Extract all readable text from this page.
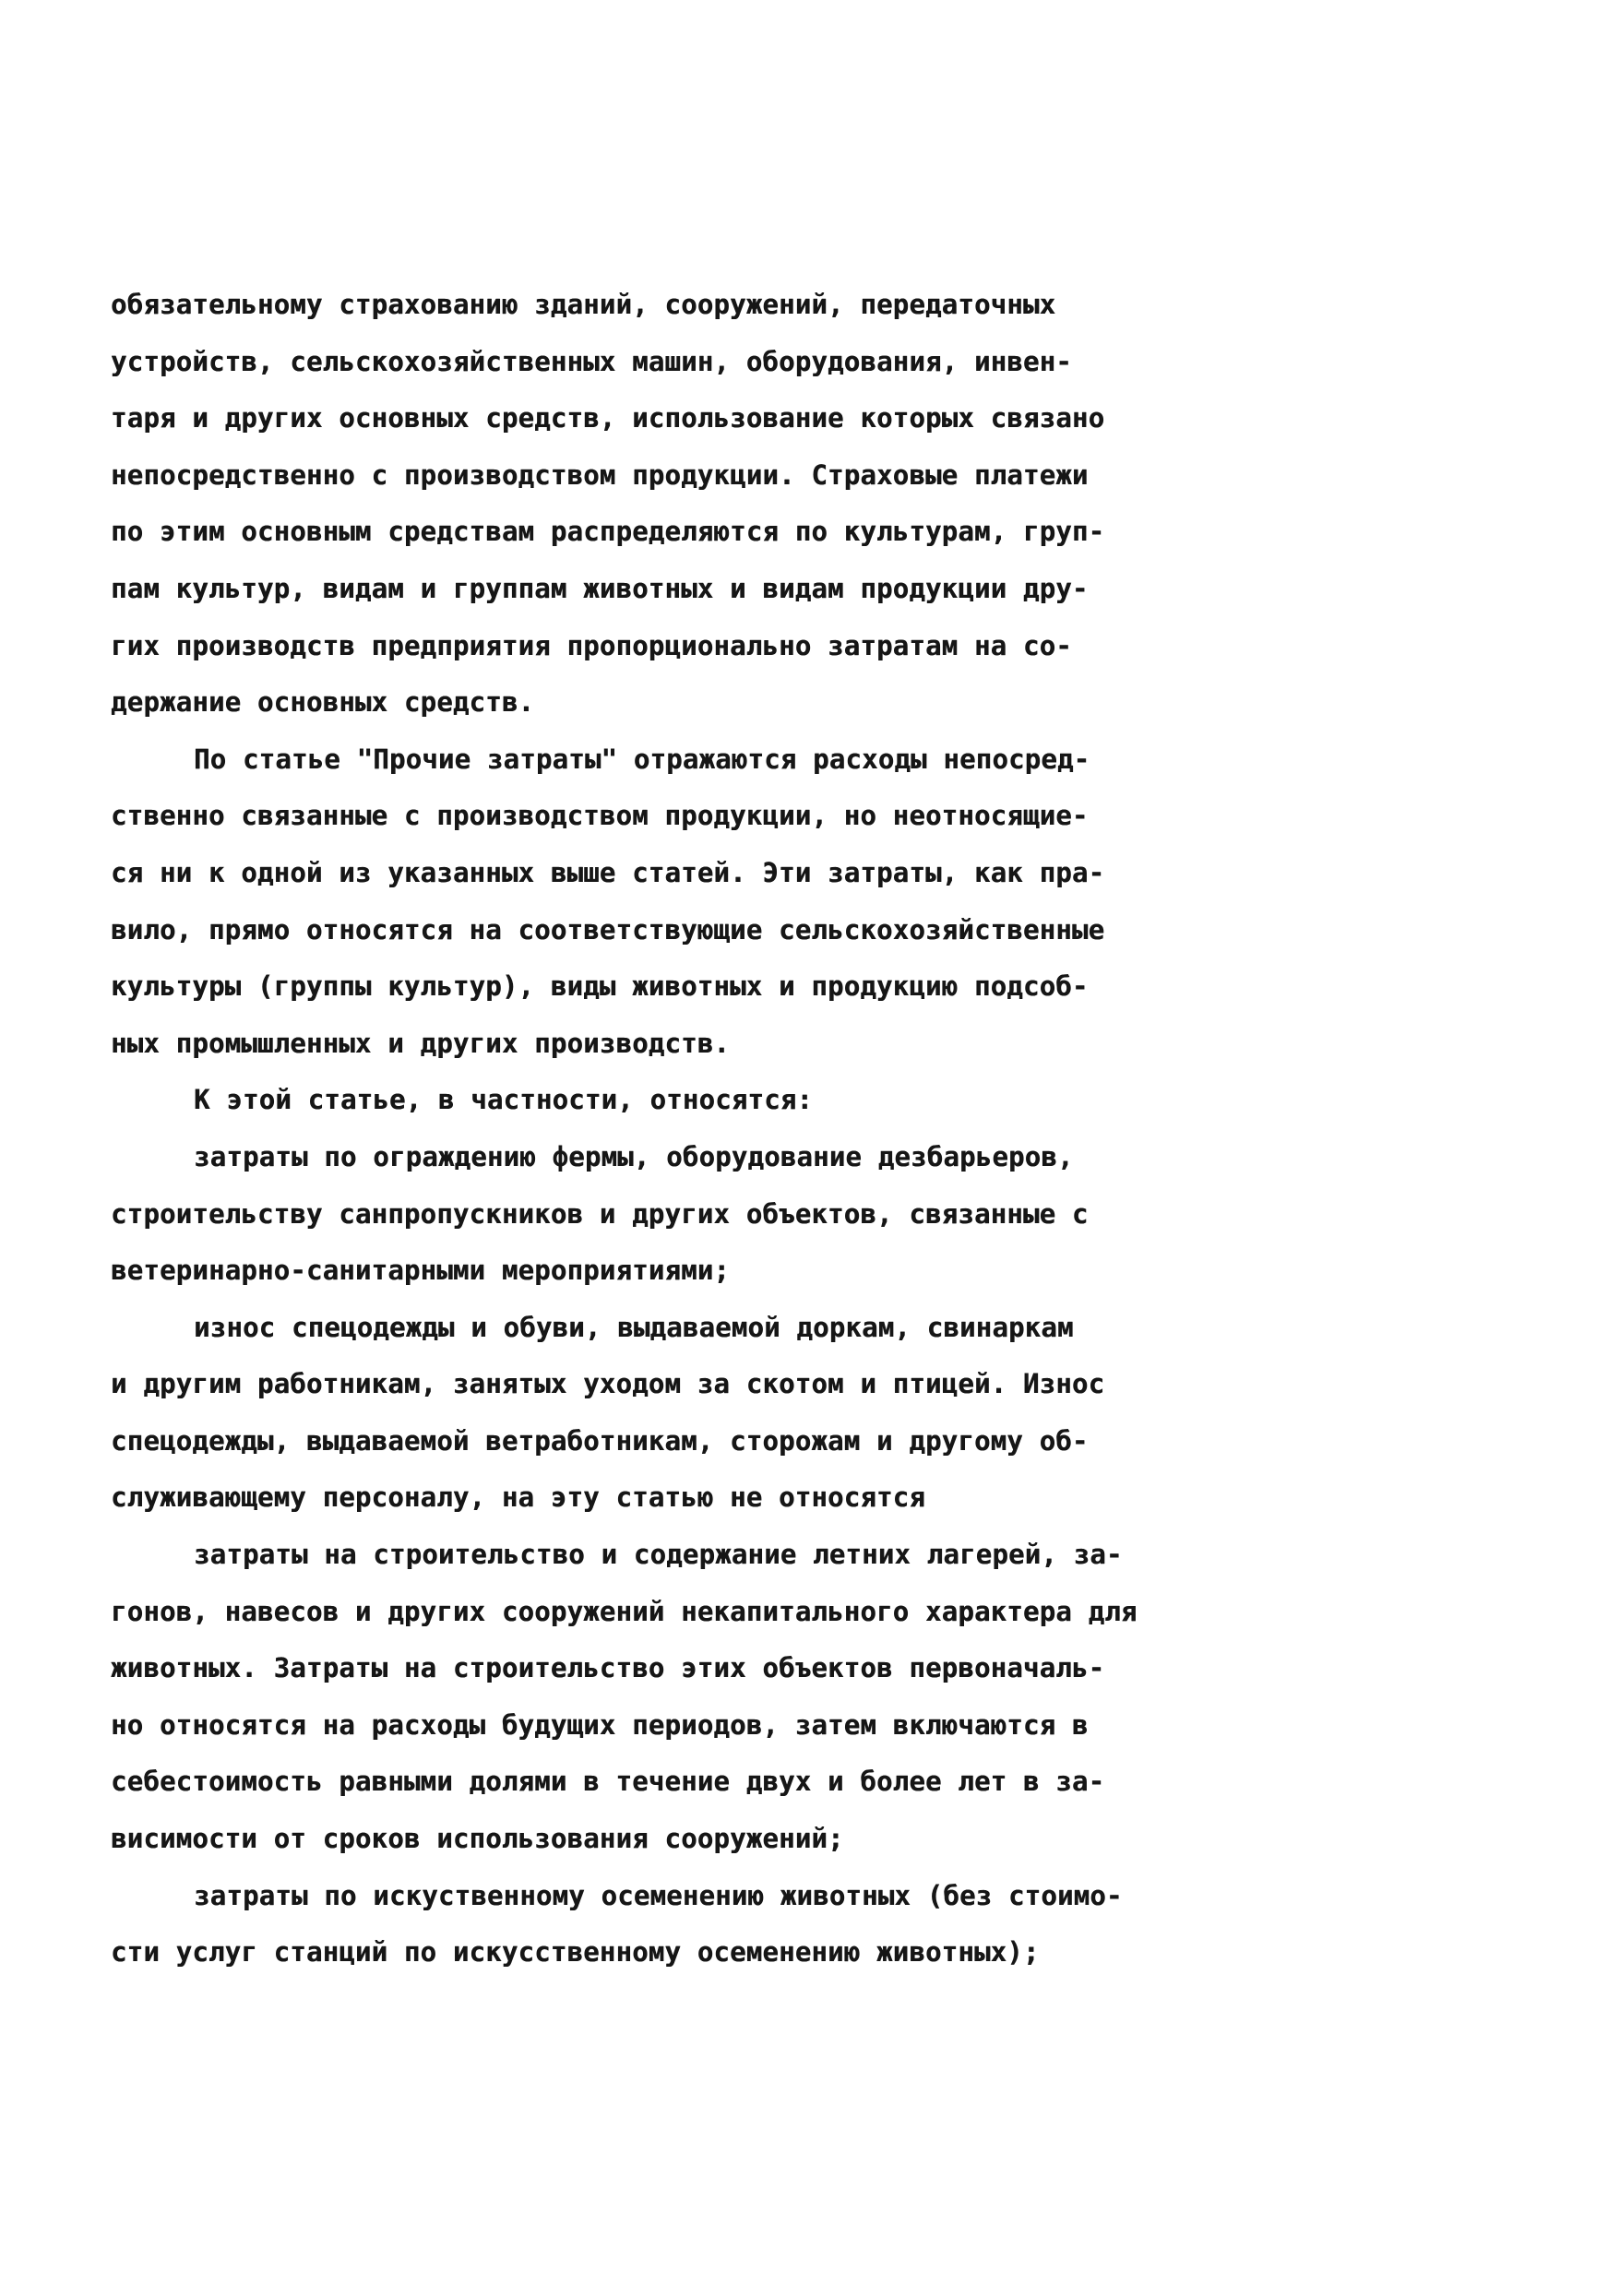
обязательному страхованию зданий, сооружений, передаточных
устройств, сельскохозяйственных машин, оборудования, инвен-
таря и других основных средств, использование которых связано
непосредственно с производством продукции. Страховые платежи
по этим основным средствам распределяются по культурам, груп-
пам культур, видам и группам животных и видам продукции дру-
гих производств предприятия пропорционально затратам на со-
держание основных средств.
По статье "Прочие затраты" отражаются расходы непосред-
ственно связанные с производством продукции, но неотносящие-
ся ни к одной из указанных выше статей. Эти затраты, как пра-
вило, прямо относятся на соответствующие сельскохозяйственные
культуры (группы культур), виды животных и продукцию подсоб-
ных промышленных и других производств.
К этой статье, в частности, относятся:
затраты по ограждению фермы, оборудование дезбарьеров,
строительству санпропускников и других объектов, связанные с
ветеринарно-санитарными мероприятиями;
износ спецодежды и обуви, выдаваемой доркам, свинаркам
и другим работникам, занятых уходом за скотом и птицей. Износ
спецодежды, выдаваемой ветработникам, сторожам и другому об-
служивающему персоналу, на эту статью не относятся
затраты на строительство и содержание летних лагерей, за-
гонов, навесов и других сооружений некапитального характера для
животных. Затраты на строительство этих объектов первоначаль-
но относятся на расходы будущих периодов, затем включаются в
себестоимость равными долями в течение двух и более лет в за-
висимости от сроков использования сооружений;
затраты по искуственному осеменению животных (без стоимо-
сти услуг станций по искусственному осеменению животных);
